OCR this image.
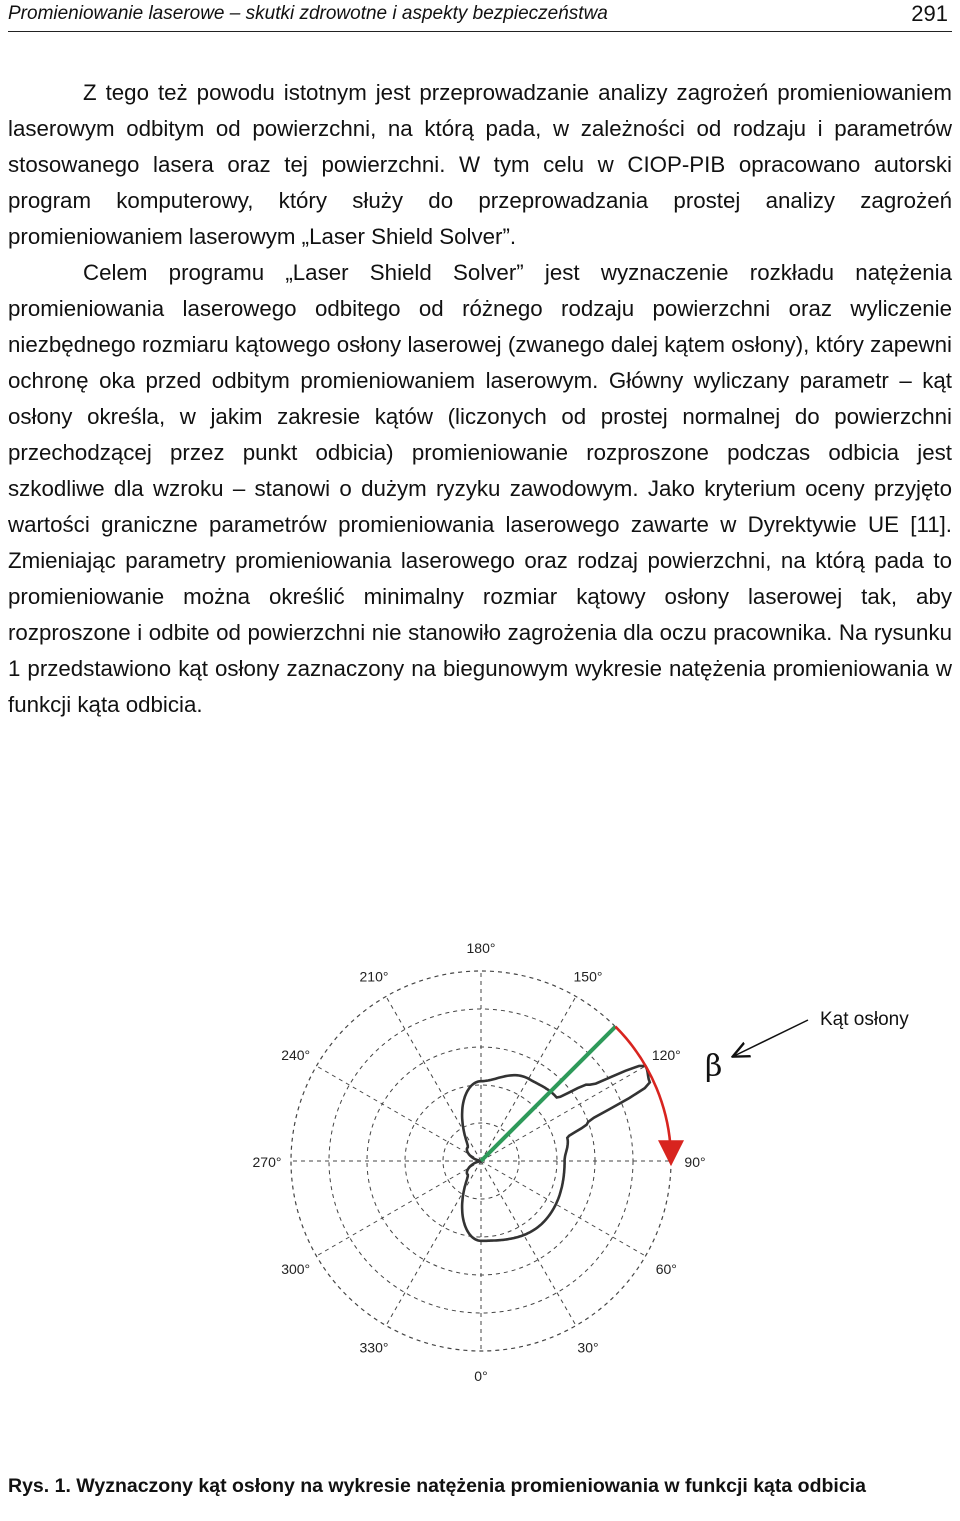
Promieniowanie laserowe – skutki zdrowotne i aspekty bezpieczeństwa	291

Z tego też powodu istotnym jest przeprowadzanie analizy zagrożeń promieniowaniem laserowym odbitym od powierzchni, na którą pada, w zależności od rodzaju i parametrów stosowanego lasera oraz tej powierzchni. W tym celu w CIOP-PIB opracowano autorski program komputerowy, który służy do przeprowadzania prostej analizy zagrożeń promieniowaniem laserowym „Laser Shield Solver”.

Celem programu „Laser Shield Solver” jest wyznaczenie rozkładu natężenia promieniowania laserowego odbitego od różnego rodzaju powierzchni oraz wyliczenie niezbędnego rozmiaru kątowego osłony laserowej (zwanego dalej kątem osłony), który zapewni ochronę oka przed odbitym promieniowaniem laserowym. Główny wyliczany parametr – kąt osłony określa, w jakim zakresie kątów (liczonych od prostej normalnej do powierzchni przechodzącej przez punkt odbicia) promieniowanie rozproszone podczas odbicia jest szkodliwe dla wzroku – stanowi o dużym ryzyku zawodowym. Jako kryterium oceny przyjęto wartości graniczne parametrów promieniowania laserowego zawarte w Dyrektywie UE [11]. Zmieniając parametry promieniowania laserowego oraz rodzaj powierzchni, na którą pada to promieniowanie można określić minimalny rozmiar kątowy osłony laserowej tak, aby rozproszone i odbite od powierzchni nie stanowiło zagrożenia dla oczu pracownika. Na rysunku 1 przedstawiono kąt osłony zaznaczony na biegunowym wykresie natężenia promieniowania w funkcji kąta odbicia.

90°
120°
150°
180°
210°
240°
270°
300°
330°
0°
30°
60°
β
Kąt osłony
Rys. 1. Wyznaczony kąt osłony na wykresie natężenia promieniowania w funkcji kąta odbicia
